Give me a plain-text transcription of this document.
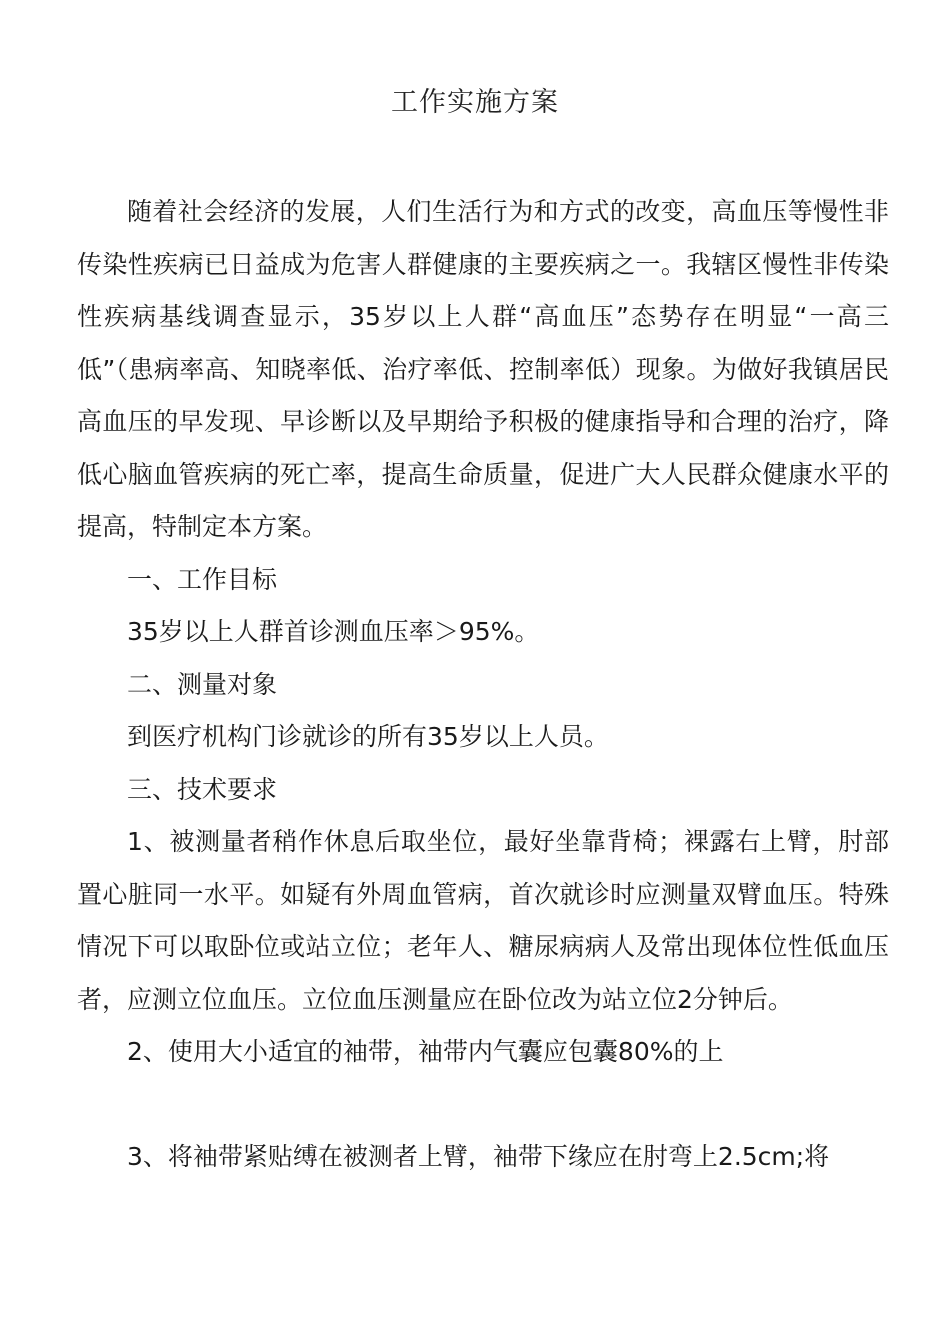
工作实施方案

随着社会经济的发展，人们生活行为和方式的改变，高血压等慢性非传染性疾病已日益成为危害人群健康的主要疾病之一。我辖区慢性非传染性疾病基线调查显示，35岁以上人群“高血压”态势存在明显“一高三低”（患病率高、知晓率低、治疗率低、控制率低）现象。为做好我镇居民高血压的早发现、早诊断以及早期给予积极的健康指导和合理的治疗，降低心脑血管疾病的死亡率，提高生命质量，促进广大人民群众健康水平的提高，特制定本方案。

一、工作目标

35岁以上人群首诊测血压率＞95%。

二、测量对象

到医疗机构门诊就诊的所有35岁以上人员。

三、技术要求

1、被测量者稍作休息后取坐位，最好坐靠背椅；裸露右上臂，肘部置心脏同一水平。如疑有外周血管病，首次就诊时应测量双臂血压。特殊情况下可以取卧位或站立位；老年人、糖尿病病人及常出现体位性低血压者，应测立位血压。立位血压测量应在卧位改为站立位2分钟后。

2、使用大小适宜的袖带，袖带内气囊应包囊80%的上

3、将袖带紧贴缚在被测者上臂，袖带下缘应在肘弯上2.5cm;将
